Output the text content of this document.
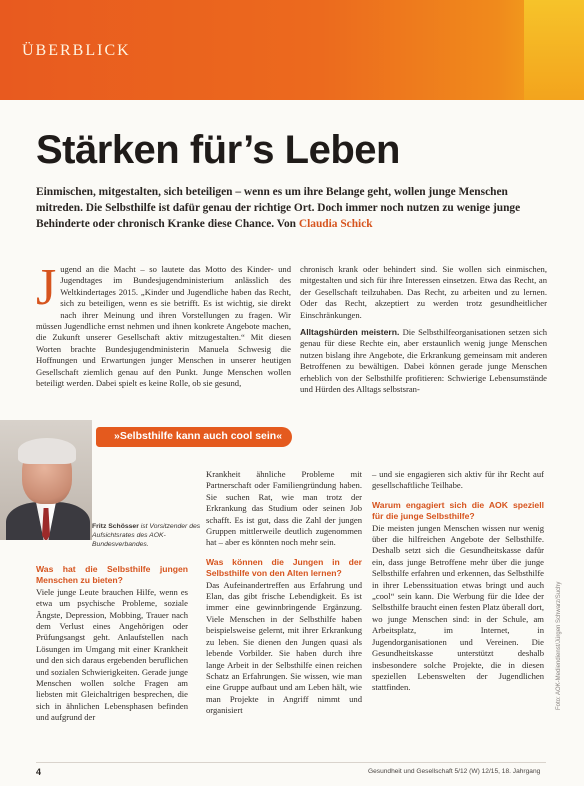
ÜBERBLICK
Stärken für’s Leben

Einmischen, mitgestalten, sich beteiligen – wenn es um ihre Belange geht, wollen junge Menschen mitreden. Die Selbsthilfe ist dafür genau der richtige Ort. Doch immer noch nutzen zu wenige junge Behinderte oder chronisch Kranke diese Chance. Von Claudia Schick

J ugend an die Macht – so lautete das Motto des Kinder- und Jugendtages im Bundesjugendministerium anlässlich des Weltkindertages 2015. „Kinder und Jugendliche haben das Recht, sich zu beteiligen, wenn es sie betrifft. Es ist wichtig, sie direkt nach ihrer Meinung und ihren Vorstellungen zu fragen. Wir müssen Jugendliche ernst nehmen und ihnen konkrete Angebote machen, die Zukunft unserer Gesellschaft aktiv mitzugestalten.“ Mit diesen Worten brachte Bundesjugendministerin Manuela Schwesig die Hoffnungen und Erwartungen junger Menschen in unserer heutigen Gesellschaft ziemlich genau auf den Punkt. Junge Menschen wollen beteiligt werden. Dabei spielt es keine Rolle, ob sie gesund,

chronisch krank oder behindert sind. Sie wollen sich einmischen, mitgestalten und sich für ihre Interessen einsetzen. Etwa das Recht, an der Gesellschaft teilzuhaben. Das Recht, zu arbeiten und zu lernen. Oder das Recht, akzeptiert zu werden trotz gesundheitlicher Einschränkungen.

Alltagshürden meistern. Die Selbsthilfeorganisationen setzen sich genau für diese Rechte ein, aber erstaunlich wenig junge Menschen nutzen bislang ihre Angebote, die Erkrankung gemeinsam mit anderen Betroffenen zu bewältigen. Dabei können gerade junge Menschen erheblich von der Selbsthilfe profitieren: Schwierige Lebensumstände und Hürden des Alltags selbstsran-

»Selbsthilfe kann auch cool sein«

Fritz Schösser ist Vorsitzender des Aufsichtsrates des AOK-Bundesverbandes.

Was hat die Selbsthilfe jungen Menschen zu bieten?

Viele junge Leute brauchen Hilfe, wenn es etwa um psychische Probleme, soziale Ängste, Depression, Mobbing, Trauer nach dem Verlust eines Angehörigen oder Prüfungsangst geht. Anlaufstellen nach Lösungen im Umgang mit einer Krankheit und den sich daraus ergebenden beruflichen und sozialen Schwierigkeiten. Gerade junge Menschen wollen solche Fragen am liebsten mit Gleichaltrigen besprechen, die sich in ähnlichen Lebensphasen befinden und aufgrund der

Krankheit ähnliche Probleme mit Partnerschaft oder Familiengründung haben. Sie suchen Rat, wie man trotz der Erkrankung das Studium oder seinen Job schafft. Es ist gut, dass die Zahl der jungen Gruppen mittlerweile deutlich zugenommen hat – aber es könnten noch mehr sein.

Was können die Jungen in der Selbsthilfe von den Alten lernen?

Das Aufeinandertreffen aus Erfahrung und Elan, das gibt frische Lebendigkeit. Es ist immer eine gewinnbringende Ergänzung. Viele Menschen in der Selbsthilfe haben beispielsweise gelernt, mit ihrer Erkrankung zu leben. Sie dienen den Jungen quasi als lebende Vorbilder. Sie haben durch ihre lange Arbeit in der Selbsthilfe einen reichen Schatz an Erfahrungen. Sie wissen, wie man eine Gruppe aufbaut und am Leben hält, wie man Projekte in Angriff nimmt und organisiert

– und sie engagieren sich aktiv für ihr Recht auf gesellschaftliche Teilhabe.

Warum engagiert sich die AOK speziell für die junge Selbsthilfe?

Die meisten jungen Menschen wissen nur wenig über die hilfreichen Angebote der Selbsthilfe. Deshalb setzt sich die Gesundheitskasse dafür ein, dass junge Betroffene mehr über die junge Selbsthilfe erfahren und erkennen, das Selbsthilfe in ihrer Lebenssituation etwas bringt und auch „cool“ sein kann. Die Werbung für die Idee der Selbsthilfe braucht einen festen Platz überall dort, wo junge Menschen sind: in der Schule, am Arbeitsplatz, im Internet, in Jugendorganisationen und Vereinen. Die Gesundheitskasse unterstützt deshalb insbesondere solche Projekte, die in diesen speziellen Lebenswelten der Jugendlichen stattfinden.	Foto: AOK-Mediendienst/Jürgen Schwarz/Suchy
4	Gesundheit und Gesellschaft 5/12 (W) 12/15, 18. Jahrgang
